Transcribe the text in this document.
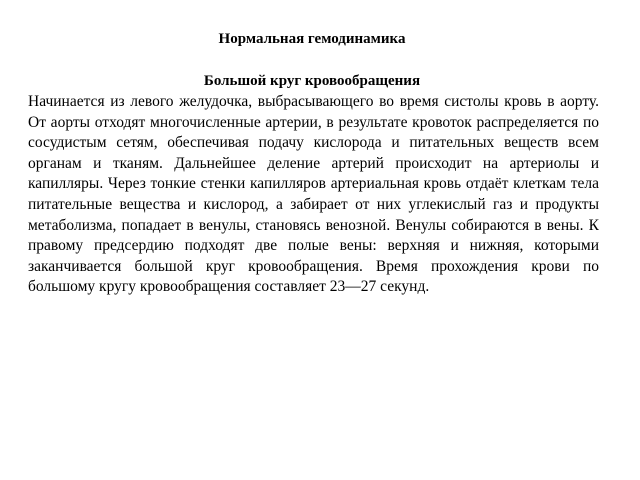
Нормальная гемодинамика
Большой круг кровообращения

Начинается из левого желудочка, выбрасывающего во время систолы кровь в аорту. От аорты отходят многочисленные артерии, в результате кровоток распределяется по сосудистым сетям, обеспечивая подачу кислорода и питательных веществ всем органам и тканям. Дальнейшее деление артерий происходит на артериолы и капилляры. Через тонкие стенки капилляров артериальная кровь отдаёт клеткам тела питательные вещества и кислород, а забирает от них углекислый газ и продукты метаболизма, попадает в венулы, становясь венозной. Венулы собираются в вены. К правому предсердию подходят две полые вены: верхняя и нижняя, которыми заканчивается большой круг кровообращения. Время прохождения крови по большому кругу кровообращения составляет 23—27 секунд.
